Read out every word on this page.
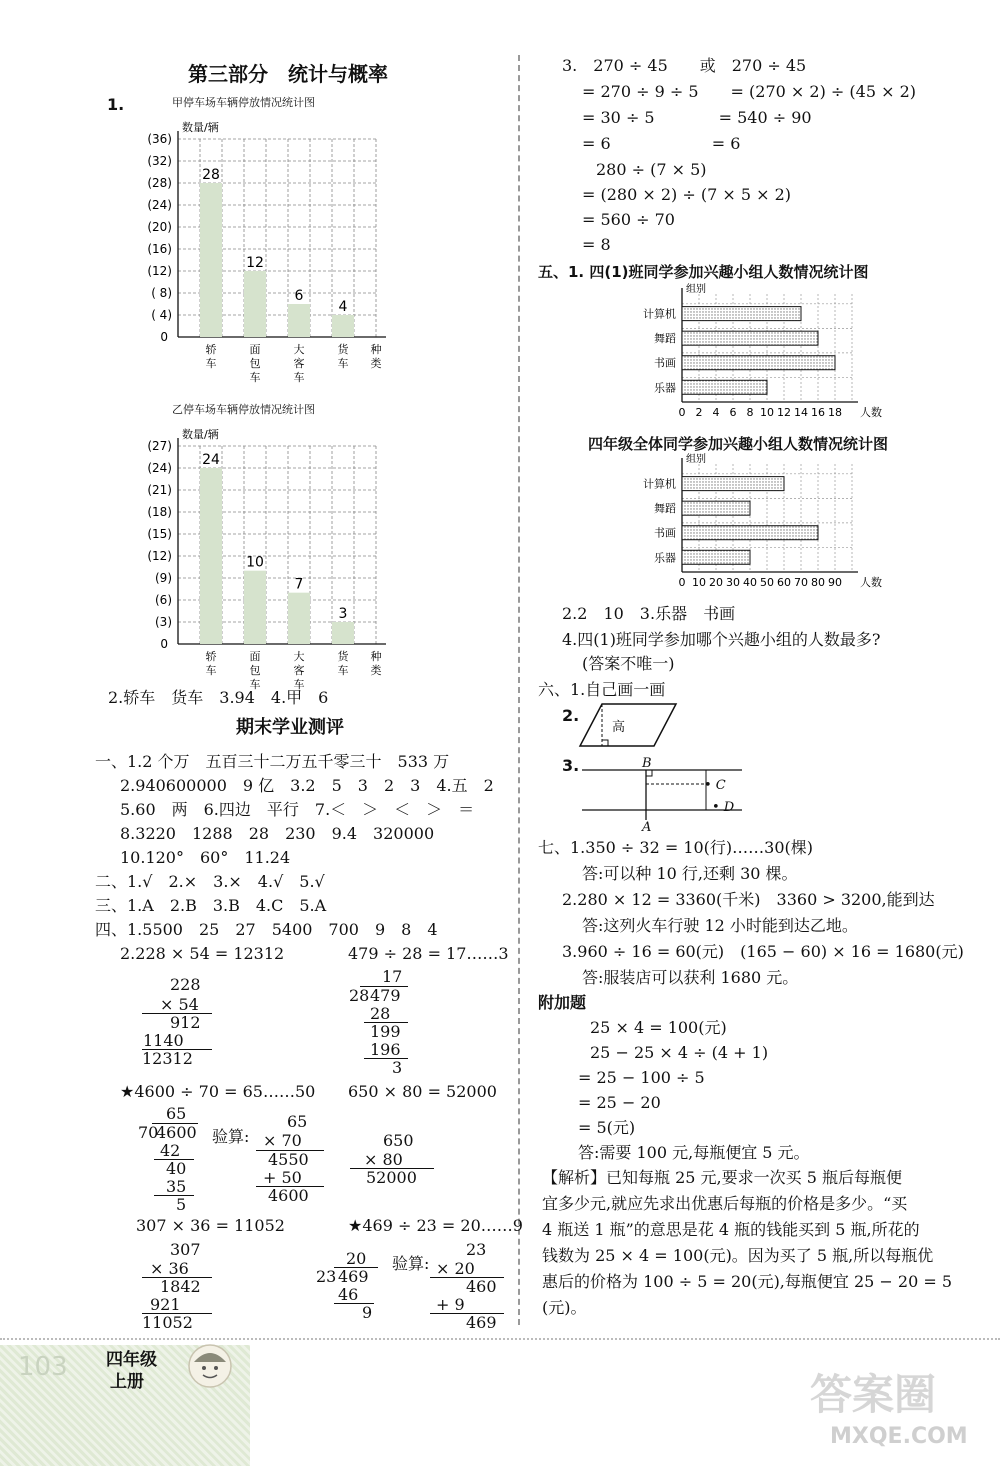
第三部分　统计与概率
1.	甲停车场车辆停放情况统计图
( 4)
( 8)
(12)
(16)
(20)
(24)
(28)
(32)
(36)
0
数量/辆
28
轿
车
12
面
包
车
6
大
客
车
4
货
车
种
类
乙停车场车辆停放情况统计图
(3)
(6)
(9)
(12)
(15)
(18)
(21)
(24)
(27)
0
数量/辆
24
轿
车
10
面
包
车
7
大
客
车
3
货
车
种
类
2.轿车　货车　3.94　4.甲　6
期末学业测评
一、1.2 个万　五百三十二万五千零三十　533 万
2.940600000　9 亿　3.2　5　3　2　3　4.五　2
5.60　两　6.四边　平行　7.＜　＞　＜　＞　＝
8.3220　1288　28　230　9.4　320000
10.120°　60°　11.24
二、1.√　2.×　3.×　4.√　5.√
三、1.A　2.B　3.B　4.C　5.A
四、1.5500　25　27　5400　700　9　8　4
2.228 × 54 = 12312	479 ÷ 28 = 17……3
228
× 54
912
1140
12312
17
28 479
28
199
196
3
★4600 ÷ 70 = 65……50 650 × 80 = 52000
65
70
4600
42
40
35
5
验算:
65
× 70
4550
+ 50
4600
650
× 80
52000
307 × 36 = 11052	★469 ÷ 23 = 20……9
307
× 36
1842
921
11052
20
23 469
46
9
验算:
23
× 20
460
+ 9
469
3.　270 ÷ 45　　或　270 ÷ 45
= 270 ÷ 9 ÷ 5　　= (270 × 2) ÷ (45 × 2)
= 30 ÷ 5　　　　= 540 ÷ 90
= 6　　　　　　 = 6
280 ÷ (7 × 5)
= (280 × 2) ÷ (7 × 5 × 2)
= 560 ÷ 70
= 8
五、1. 四(1)班同学参加兴趣小组人数情况统计图
组别
0 2 4 6 8 10 12 14 16 18 人数
计算机
舞蹈
书画
乐器
四年级全体同学参加兴趣小组人数情况统计图
组别
0 10 20 30 40 50 60 70 80 90 人数
计算机
舞蹈
书画
乐器
2.2　10　3.乐器　书画
4.四(1)班同学参加哪个兴趣小组的人数最多?
(答案不唯一)
六、1.自己画一画
2.
高
3.	B
• C
• D
A
七、1.350 ÷ 32 = 10(行)……30(棵)
答:可以种 10 行,还剩 30 棵。
2.280 × 12 = 3360(千米)　3360 > 3200,能到达
答:这列火车行驶 12 小时能到达乙地。
3.960 ÷ 16 = 60(元)　(165 − 60) × 16 = 1680(元)
答:服装店可以获利 1680 元。
附加题
25 × 4 = 100(元)
25 − 25 × 4 ÷ (4 + 1)
= 25 − 100 ÷ 5
= 25 − 20
= 5(元)
答:需要 100 元,每瓶便宜 5 元。
【解析】已知每瓶 25 元,要求一次买 5 瓶后每瓶便
宜多少元,就应先求出优惠后每瓶的价格是多少。“买
4 瓶送 1 瓶”的意思是花 4 瓶的钱能买到 5 瓶,所花的
钱数为 25 × 4 = 100(元)。因为买了 5 瓶,所以每瓶优
惠后的价格为 100 ÷ 5 = 20(元),每瓶便宜 25 − 20 = 5
(元)。
103 四年级
上册	答案圈
MXQE.COM
